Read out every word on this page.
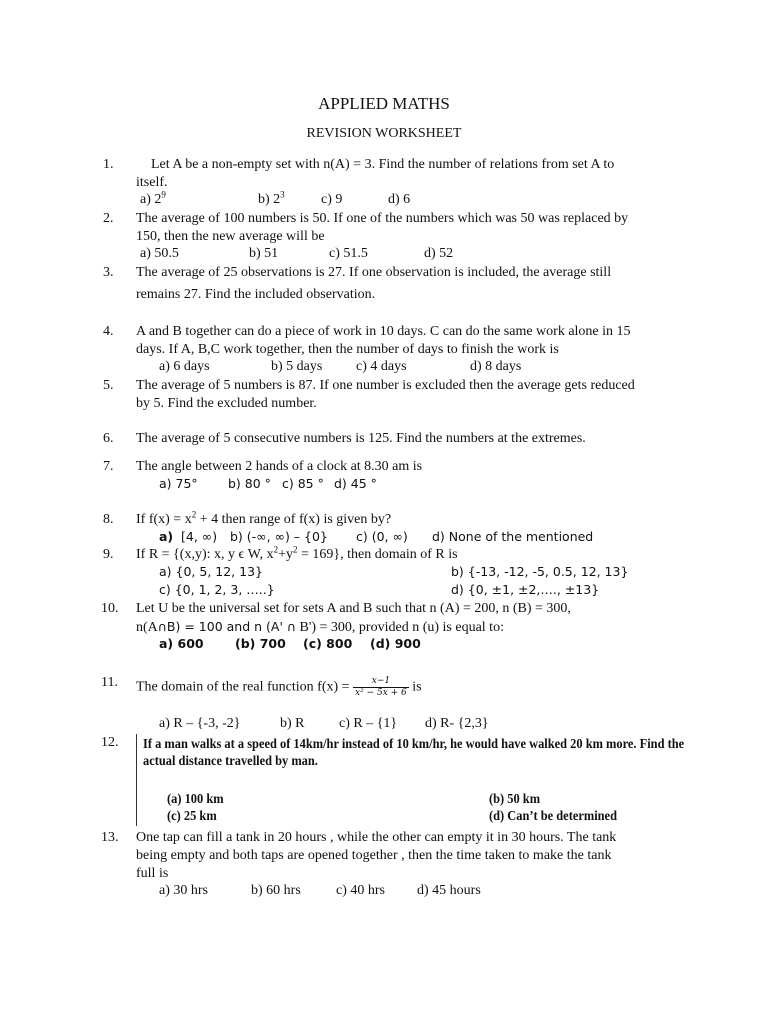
APPLIED MATHS
REVISION WORKSHEET
1.	Let A be a non-empty set with n(A) = 3. Find the number of relations from set A to
itself.
a) $2^9$	b) $2^3$	c) 9	d) 6
2. The average of 100 numbers is 50. If one of the numbers which was 50 was replaced by
150, then the new average will be
a) 50.5	b) 51	c) 51.5	d) 52
3. The average of 25 observations is 27. If one observation is included, the average still
remains 27. Find the included observation.
4. A and B together can do a piece of work in 10 days. C can do the same work alone in 15
days. If A, B,C work together, then the number of days to finish the work is
a) 6 days	b) 5 days c) 4 days	d) 8 days
5. The average of 5 numbers is 87. If one number is excluded then the average gets reduced
by 5. Find the excluded number.
6. The average of 5 consecutive numbers is 125. Find the numbers at the extremes.
7. The angle between 2 hands of a clock at 8.30 am is
a) 75° b) 80 ° c) 85 ° d) 45 °
8. If $f(x) = x^2 + 4$ then range of f(x) is given by?
a) [4, ∞) b) (-∞, ∞) – {0} c) (0, ∞) d) None of the mentioned
9. If R = {(x,y): x, y ϵ W, $x^2+y^2 = 169$}, then domain of R is
a) {0, 5, 12, 13}	b) {-13, -12, -5, 0.5, 12, 13}
c) {0, 1, 2, 3, …..}	d) {0, ±1, ±2,…., ±13}
10. Let U be the universal set for sets A and B such that n (A) = 200, n (B) = 300,
n(A∩B) = 100 and n (A' ∩ B') = 300, provided n (u) is equal to:
a) 600	(b) 700 (c) 800 (d) 900
11. The domain of the real function $f(x) = \frac{x-1}{\text{x² − 5x + 6}}$ is
a) R – {-3, -2}	b) R c) R – {1} d) R- {2,3}
12. If a man walks at a speed of 14km/hr instead of 10 km/hr, he would have walked 20 km more. Find the
actual distance travelled by man.
(a) 100 km	(b) 50 km
(c) 25 km	(d) Can’t be determined
13. One tap can fill a tank in 20 hours , while the other can empty it in 30 hours. The tank
being empty and both taps are opened together , then the time taken to make the tank
full is
a) 30 hrs	b) 60 hrs	c) 40 hrs d) 45 hours
